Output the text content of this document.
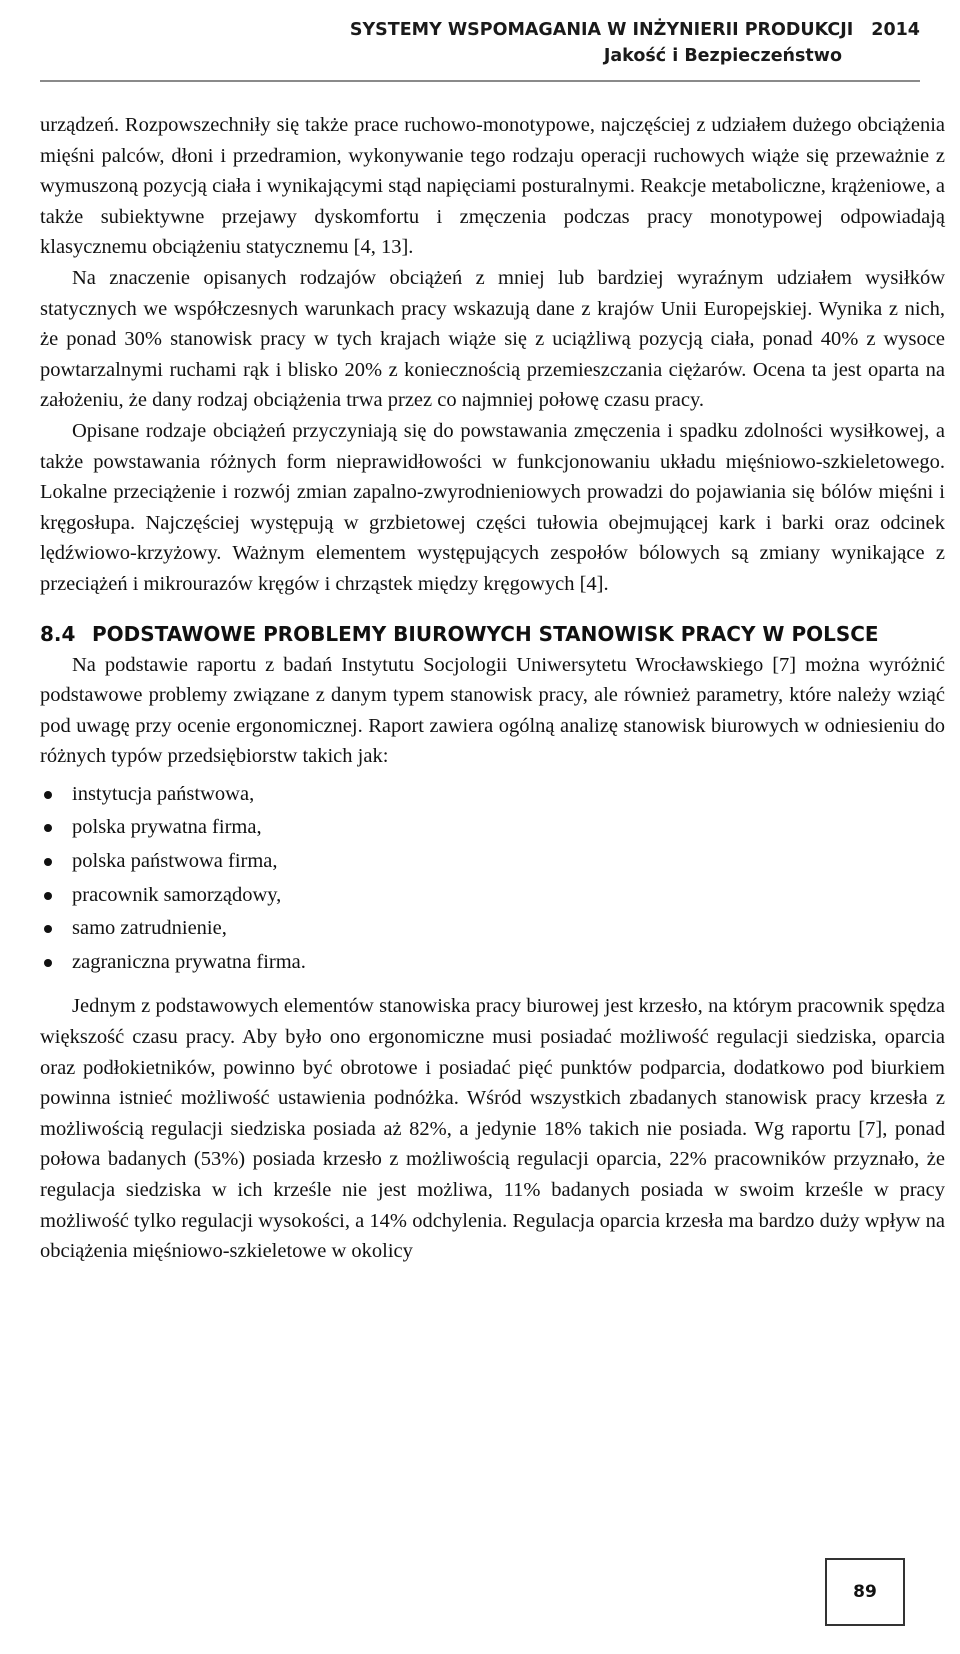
SYSTEMY WSPOMAGANIA W INŻYNIERII PRODUKCJI 2014
Jakość i Bezpieczeństwo

urządzeń. Rozpowszechniły się także prace ruchowo-monotypowe, najczęściej z udziałem dużego obciążenia mięśni palców, dłoni i przedramion, wykonywanie tego rodzaju operacji ruchowych wiąże się przeważnie z wymuszoną pozycją ciała i wynikającymi stąd napięciami posturalnymi. Reakcje metaboliczne, krążeniowe, a także subiektywne przejawy dyskomfortu i zmęczenia podczas pracy monotypowej odpowiadają klasycznemu obciążeniu statycznemu [4, 13].

Na znaczenie opisanych rodzajów obciążeń z mniej lub bardziej wyraźnym udziałem wysiłków statycznych we współczesnych warunkach pracy wskazują dane z krajów Unii Europejskiej. Wynika z nich, że ponad 30% stanowisk pracy w tych krajach wiąże się z uciążliwą pozycją ciała, ponad 40% z wysoce powtarzalnymi ruchami rąk i blisko 20% z koniecznością przemieszczania ciężarów. Ocena ta jest oparta na założeniu, że dany rodzaj obciążenia trwa przez co najmniej połowę czasu pracy.

Opisane rodzaje obciążeń przyczyniają się do powstawania zmęczenia i spadku zdolności wysiłkowej, a także powstawania różnych form nieprawidłowości w funkcjonowaniu układu mięśniowo-szkieletowego. Lokalne przeciążenie i rozwój zmian zapalno-zwyrodnieniowych prowadzi do pojawiania się bólów mięśni i kręgosłupa. Najczęściej występują w grzbietowej części tułowia obejmującej kark i barki oraz odcinek lędźwiowo-krzyżowy. Ważnym elementem występujących zespołów bólowych są zmiany wynikające z przeciążeń i mikrourazów kręgów i chrząstek między kręgowych [4].

8.4 PODSTAWOWE PROBLEMY BIUROWYCH STANOWISK PRACY W POLSCE

Na podstawie raportu z badań Instytutu Socjologii Uniwersytetu Wrocławskiego [7] można wyróżnić podstawowe problemy związane z danym typem stanowisk pracy, ale również parametry, które należy wziąć pod uwagę przy ocenie ergonomicznej. Raport zawiera ogólną analizę stanowisk biurowych w odniesieniu do różnych typów przedsiębiorstw takich jak:

instytucja państwowa,
polska prywatna firma,
polska państwowa firma,
pracownik samorządowy,
samo zatrudnienie,
zagraniczna prywatna firma.

Jednym z podstawowych elementów stanowiska pracy biurowej jest krzesło, na którym pracownik spędza większość czasu pracy. Aby było ono ergonomiczne musi posiadać możliwość regulacji siedziska, oparcia oraz podłokietników, powinno być obrotowe i posiadać pięć punktów podparcia, dodatkowo pod biurkiem powinna istnieć możliwość ustawienia podnóżka. Wśród wszystkich zbadanych stanowisk pracy krzesła z możliwością regulacji siedziska posiada aż 82%, a jedynie 18% takich nie posiada. Wg raportu [7], ponad połowa badanych (53%) posiada krzesło z możliwością regulacji oparcia, 22% pracowników przyznało, że regulacja siedziska w ich krześle nie jest możliwa, 11% badanych posiada w swoim krześle w pracy możliwość tylko regulacji wysokości, a 14% odchylenia. Regulacja oparcia krzesła ma bardzo duży wpływ na obciążenia mięśniowo-szkieletowe w okolicy

89
